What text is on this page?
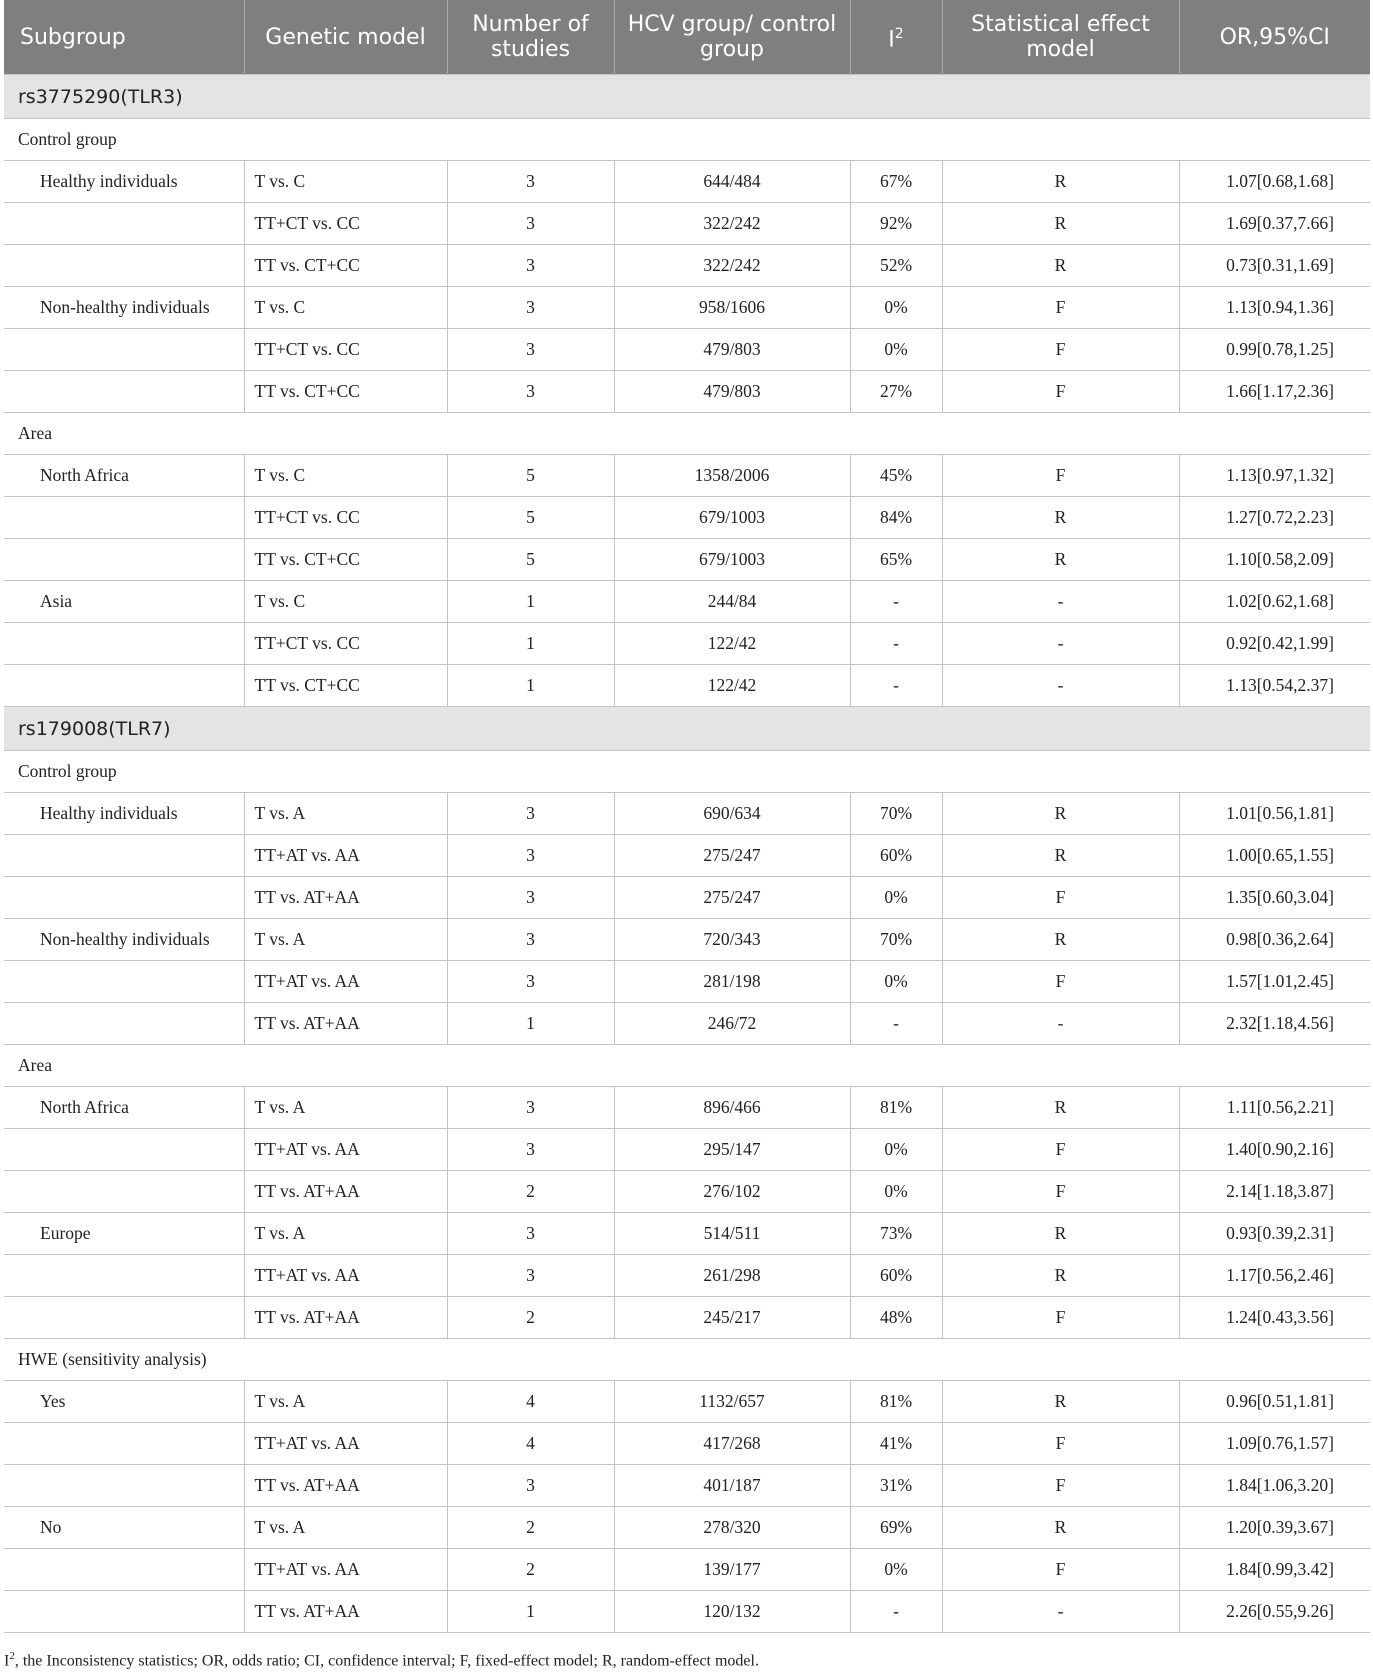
Subgroup	Genetic model	Number of studies	HCV group/ control group	$I^2$	Statistical effect model	OR,95%CI
rs3775290(TLR3)						
Control group						
Healthy individuals	T vs. C	3	644/484	67%	R	1.07[0.68,1.68]
	TT+CT vs. CC	3	322/242	92%	R	1.69[0.37,7.66]
	TT vs. CT+CC	3	322/242	52%	R	0.73[0.31,1.69]
Non-healthy individuals	T vs. C	3	958/1606	0%	F	1.13[0.94,1.36]
	TT+CT vs. CC	3	479/803	0%	F	0.99[0.78,1.25]
	TT vs. CT+CC	3	479/803	27%	F	1.66[1.17,2.36]
Area						
North Africa	T vs. C	5	1358/2006	45%	F	1.13[0.97,1.32]
	TT+CT vs. CC	5	679/1003	84%	R	1.27[0.72,2.23]
	TT vs. CT+CC	5	679/1003	65%	R	1.10[0.58,2.09]
Asia	T vs. C	1	244/84	-	-	1.02[0.62,1.68]
	TT+CT vs. CC	1	122/42	-	-	0.92[0.42,1.99]
	TT vs. CT+CC	1	122/42	-	-	1.13[0.54,2.37]
rs179008(TLR7)						
Control group						
Healthy individuals	T vs. A	3	690/634	70%	R	1.01[0.56,1.81]
	TT+AT vs. AA	3	275/247	60%	R	1.00[0.65,1.55]
	TT vs. AT+AA	3	275/247	0%	F	1.35[0.60,3.04]
Non-healthy individuals	T vs. A	3	720/343	70%	R	0.98[0.36,2.64]
	TT+AT vs. AA	3	281/198	0%	F	1.57[1.01,2.45]
	TT vs. AT+AA	1	246/72	-	-	2.32[1.18,4.56]
Area						
North Africa	T vs. A	3	896/466	81%	R	1.11[0.56,2.21]
	TT+AT vs. AA	3	295/147	0%	F	1.40[0.90,2.16]
	TT vs. AT+AA	2	276/102	0%	F	2.14[1.18,3.87]
Europe	T vs. A	3	514/511	73%	R	0.93[0.39,2.31]
	TT+AT vs. AA	3	261/298	60%	R	1.17[0.56,2.46]
	TT vs. AT+AA	2	245/217	48%	F	1.24[0.43,3.56]
HWE (sensitivity analysis)						
Yes	T vs. A	4	1132/657	81%	R	0.96[0.51,1.81]
	TT+AT vs. AA	4	417/268	41%	F	1.09[0.76,1.57]
	TT vs. AT+AA	3	401/187	31%	F	1.84[1.06,3.20]
No	T vs. A	2	278/320	69%	R	1.20[0.39,3.67]
	TT+AT vs. AA	2	139/177	0%	F	1.84[0.99,3.42]
	TT vs. AT+AA	1	120/132	-	-	2.26[0.55,9.26]
$I^2$, the Inconsistency statistics; OR, odds ratio; CI, confidence interval; F, fixed-effect model; R, random-effect model.
